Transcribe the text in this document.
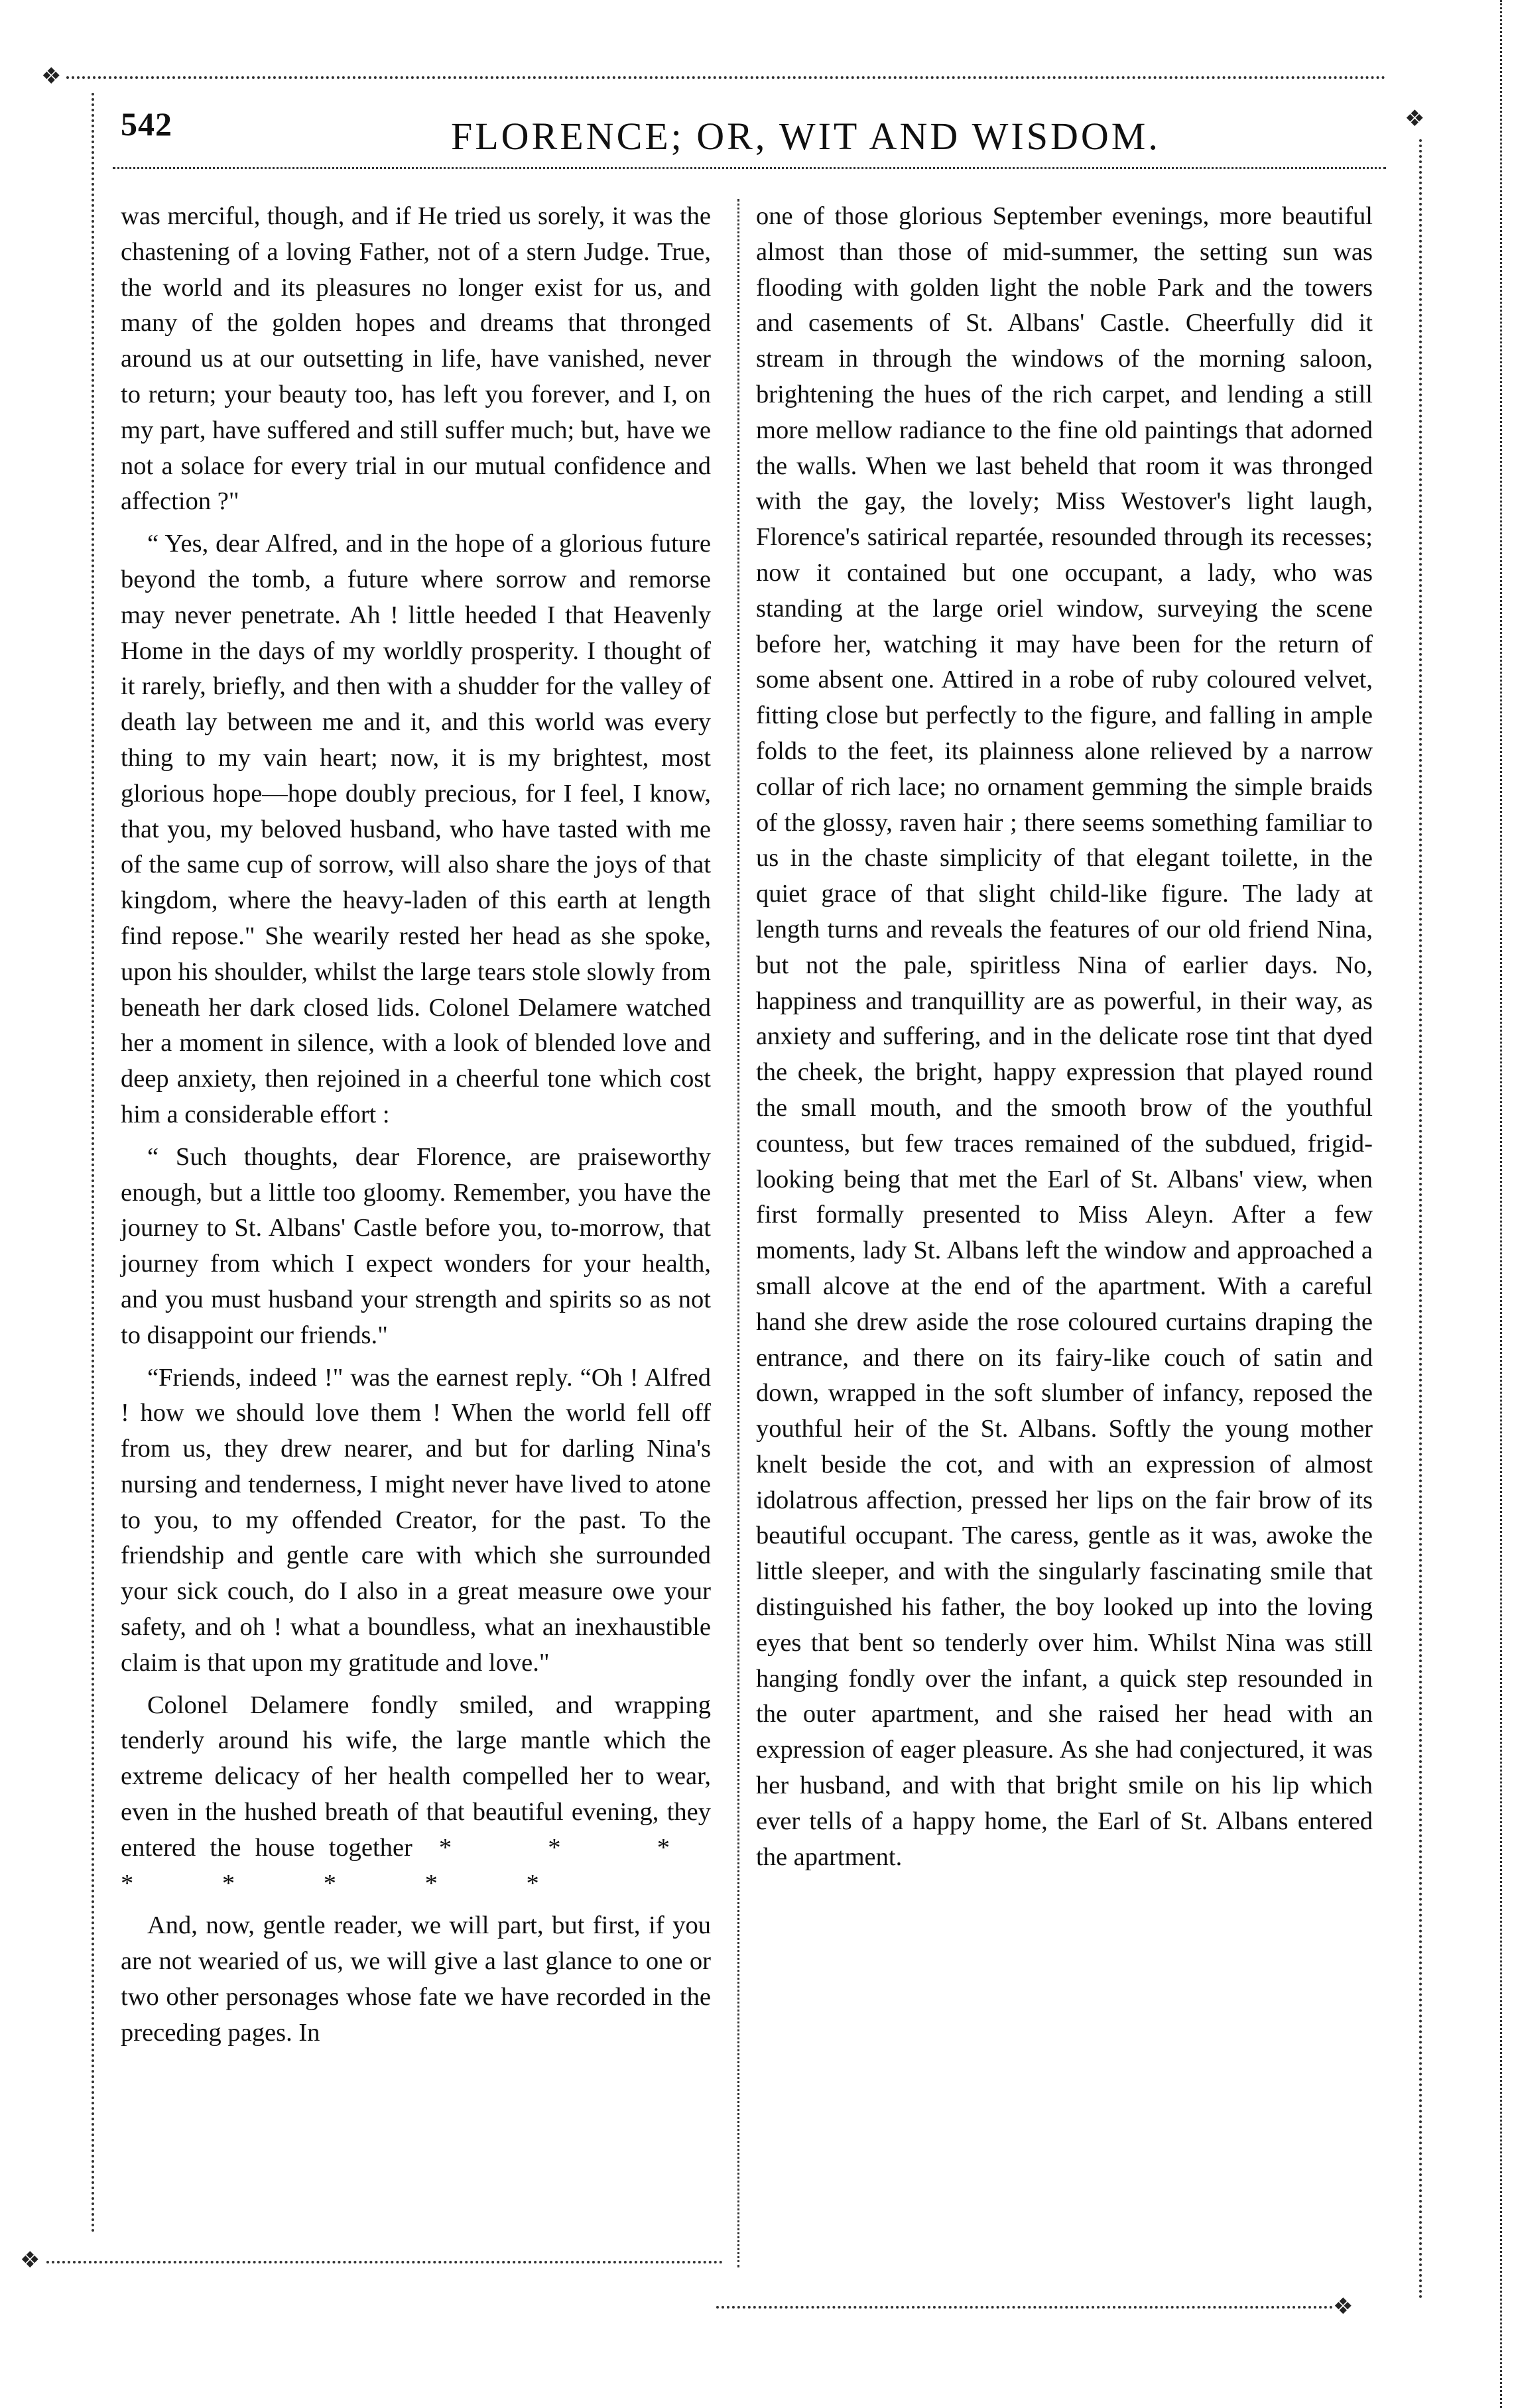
❖
❖
❖
❖
542	FLORENCE; OR, WIT AND WISDOM.

was merciful, though, and if He tried us sorely, it was the chastening of a loving Father, not of a stern Judge. True, the world and its pleasures no longer exist for us, and many of the golden hopes and dreams that thronged around us at our outsetting in life, have vanished, never to return; your beauty too, has left you forever, and I, on my part, have suffered and still suffer much; but, have we not a solace for every trial in our mutual confidence and affection ?"

“ Yes, dear Alfred, and in the hope of a glorious future beyond the tomb, a future where sorrow and remorse may never penetrate. Ah ! little heeded I that Heavenly Home in the days of my worldly prosperity. I thought of it rarely, briefly, and then with a shudder for the valley of death lay between me and it, and this world was every thing to my vain heart; now, it is my brightest, most glorious hope—hope doubly precious, for I feel, I know, that you, my beloved husband, who have tasted with me of the same cup of sorrow, will also share the joys of that kingdom, where the heavy-laden of this earth at length find repose." She wearily rested her head as she spoke, upon his shoulder, whilst the large tears stole slowly from beneath her dark closed lids. Colonel Delamere watched her a moment in silence, with a look of blended love and deep anxiety, then rejoined in a cheerful tone which cost him a considerable effort :

“ Such thoughts, dear Florence, are praiseworthy enough, but a little too gloomy. Remember, you have the journey to St. Albans' Castle before you, to-morrow, that journey from which I expect wonders for your health, and you must husband your strength and spirits so as not to disappoint our friends."

“Friends, indeed !" was the earnest reply. “Oh ! Alfred ! how we should love them ! When the world fell off from us, they drew nearer, and but for darling Nina's nursing and tenderness, I might never have lived to atone to you, to my offended Creator, for the past. To the friendship and gentle care with which she surrounded your sick couch, do I also in a great measure owe your safety, and oh ! what a boundless, what an inexhaustible claim is that upon my gratitude and love."

Colonel Delamere fondly smiled, and wrapping tenderly around his wife, the large mantle which the extreme delicacy of her health compelled her to wear, even in the hushed breath of that beautiful evening, they entered the house together * * * * * * * *

And, now, gentle reader, we will part, but first, if you are not wearied of us, we will give a last glance to one or two other personages whose fate we have recorded in the preceding pages. In

one of those glorious September evenings, more beautiful almost than those of mid-summer, the setting sun was flooding with golden light the noble Park and the towers and casements of St. Albans' Castle. Cheerfully did it stream in through the windows of the morning saloon, brightening the hues of the rich carpet, and lending a still more mellow radiance to the fine old paintings that adorned the walls. When we last beheld that room it was thronged with the gay, the lovely; Miss Westover's light laugh, Florence's satirical repartée, resounded through its recesses; now it contained but one occupant, a lady, who was standing at the large oriel window, surveying the scene before her, watching it may have been for the return of some absent one. Attired in a robe of ruby coloured velvet, fitting close but perfectly to the figure, and falling in ample folds to the feet, its plainness alone relieved by a narrow collar of rich lace; no ornament gemming the simple braids of the glossy, raven hair ; there seems something familiar to us in the chaste simplicity of that elegant toilette, in the quiet grace of that slight child-like figure. The lady at length turns and reveals the features of our old friend Nina, but not the pale, spiritless Nina of earlier days. No, happiness and tranquillity are as powerful, in their way, as anxiety and suffering, and in the delicate rose tint that dyed the cheek, the bright, happy expression that played round the small mouth, and the smooth brow of the youthful countess, but few traces remained of the subdued, frigid-looking being that met the Earl of St. Albans' view, when first formally presented to Miss Aleyn. After a few moments, lady St. Albans left the window and approached a small alcove at the end of the apartment. With a careful hand she drew aside the rose coloured curtains draping the entrance, and there on its fairy-like couch of satin and down, wrapped in the soft slumber of infancy, reposed the youthful heir of the St. Albans. Softly the young mother knelt beside the cot, and with an expression of almost idolatrous affection, pressed her lips on the fair brow of its beautiful occupant. The caress, gentle as it was, awoke the little sleeper, and with the singularly fascinating smile that distinguished his father, the boy looked up into the loving eyes that bent so tenderly over him. Whilst Nina was still hanging fondly over the infant, a quick step resounded in the outer apartment, and she raised her head with an expression of eager pleasure. As she had conjectured, it was her husband, and with that bright smile on his lip which ever tells of a happy home, the Earl of St. Albans entered the apartment.
